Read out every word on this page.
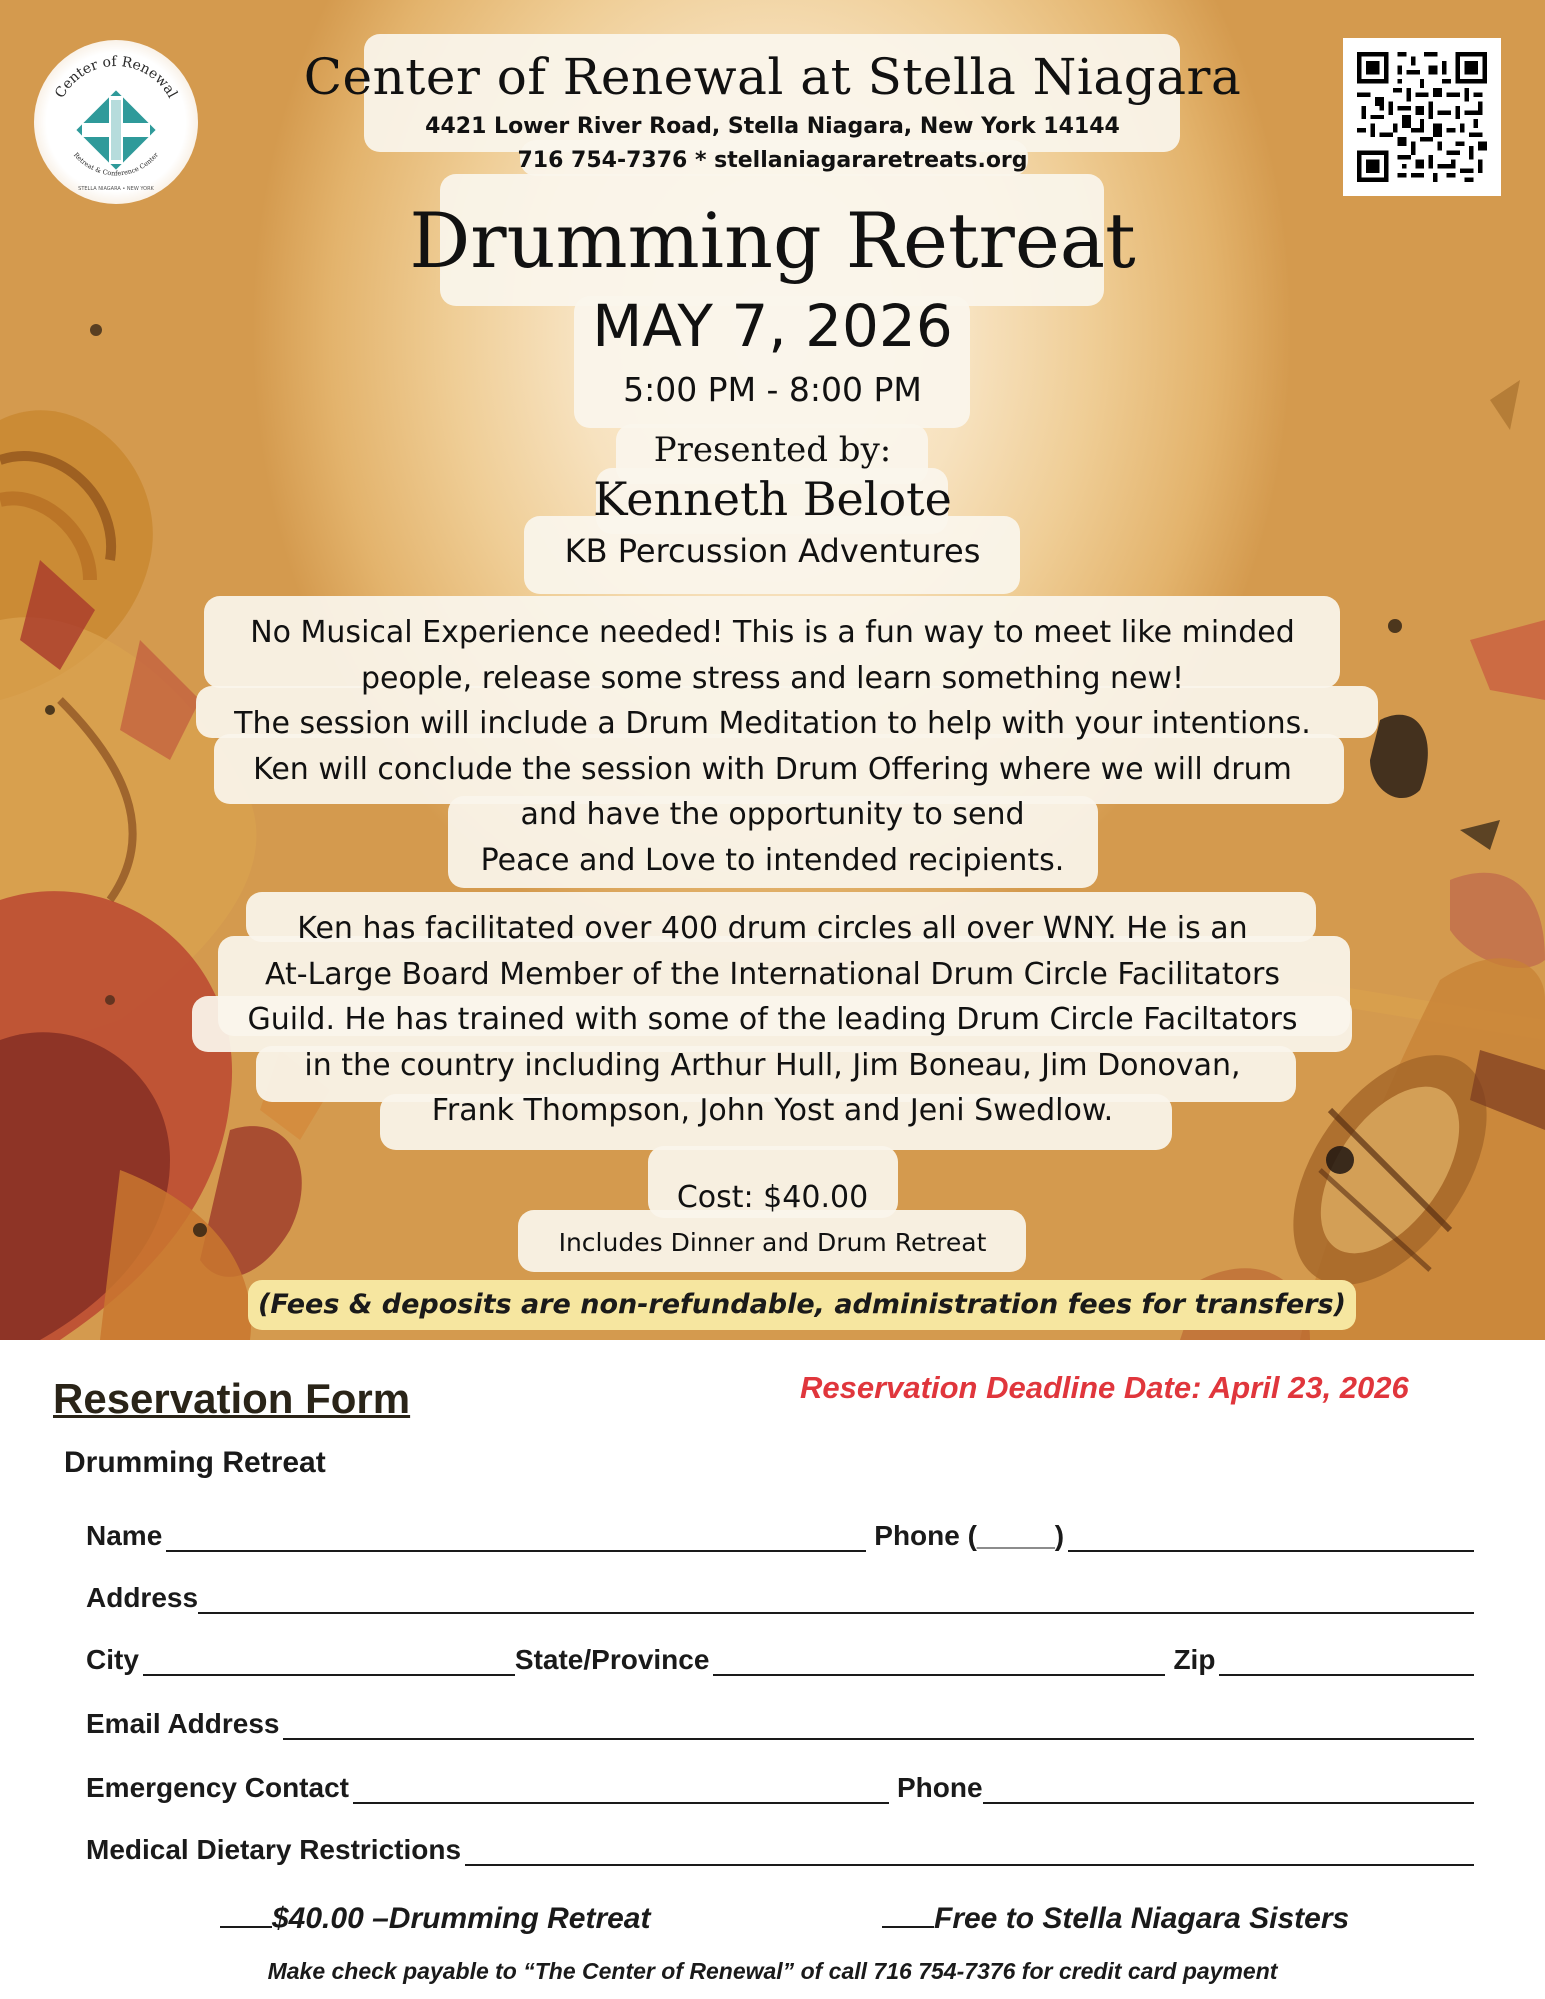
Center of Renewal
Retreat & Conference Center
STELLA NIAGARA • NEW YORK
Center of Renewal at Stella Niagara
4421 Lower River Road, Stella Niagara, New York 14144
716 754-7376 * stellaniagararetreats.org
Drumming Retreat
MAY 7, 2026
5:00 PM - 8:00 PM
Presented by:
Kenneth Belote
KB Percussion Adventures
No Musical Experience needed! This is a fun way to meet like minded
people, release some stress and learn something new!
The session will include a Drum Meditation to help with your intentions.
Ken will conclude the session with Drum Offering where we will drum
and have the opportunity to send
Peace and Love to intended recipients.
Ken has facilitated over 400 drum circles all over WNY. He is an
At-Large Board Member of the International Drum Circle Facilitators
Guild. He has trained with some of the leading Drum Circle Faciltators
in the country including Arthur Hull, Jim Boneau, Jim Donovan,
Frank Thompson, John Yost and Jeni Swedlow.
Cost: $40.00
Includes Dinner and Drum Retreat
(Fees & deposits are non-refundable, administration fees for transfers)
Reservation Form	Reservation Deadline Date: April 23, 2026
Drumming Retreat
Name	Phone (_____)
Address
City	State/Province	Zip
Email Address
Emergency Contact	Phone
Medical Dietary Restrictions
$40.00 –Drumming Retreat	Free to Stella Niagara Sisters
Make check payable to “The Center of Renewal” of call 716 754-7376 for credit card payment
